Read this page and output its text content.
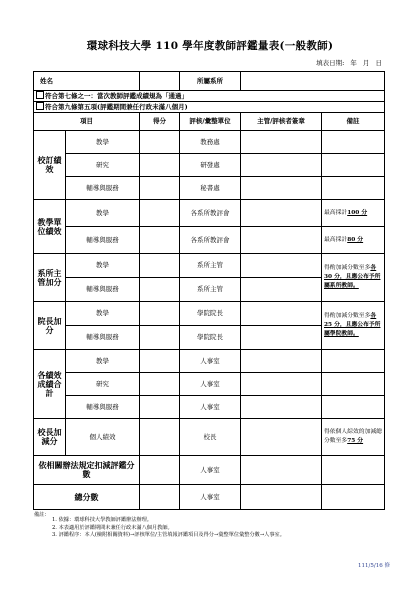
環球科技大學 110 學年度教師評鑑量表(一般教師)
填表日期: 年 月 日
姓名			所屬系所		
符合第七條之一：當次教師評鑑成績規為「通過」					
符合第九條第五項(評鑑期間兼任行政未滿八個月)					
項目		得分	評核/彙整單位	主管/評核者簽章	備註
校訂績效	教學		教務處		
	研究		研發處		
	輔導與服務		秘書處		
教學單位績效	教學		各系所教評會		最高採計100 分
	輔導與服務		各系所教評會		最高採計80 分
系所主管加分	教學		系所主管		得酌加減分數至多各 30 分，且應公布予所屬系所教師。
	輔導與服務		系所主管		
院長加分	教學		學院院長		得酌加減分數至多各 25 分，且應公布予所屬學院教師。
	輔導與服務		學院院長		
各績效成績合計	教學		人事室		
	研究		人事室		
	輔導與服務		人事室		
校長加減分	個人績效		校長		得依個人綜效的加減總分數至多75 分
依相關辦法規定扣減評鑑分數			人事室		
總分數			人事室		
備註：
1. 依據：環球科技大學教師評鑑辦法辦理。
2. 本表適用於評鑑期間未兼任行政未滿八個月教師。
3. 評鑑程序：本人(檢附相關資料)→評核單位/主管填報評鑑項目及得分→彙整單位彙整分數→人事室。
111/5/16 修
